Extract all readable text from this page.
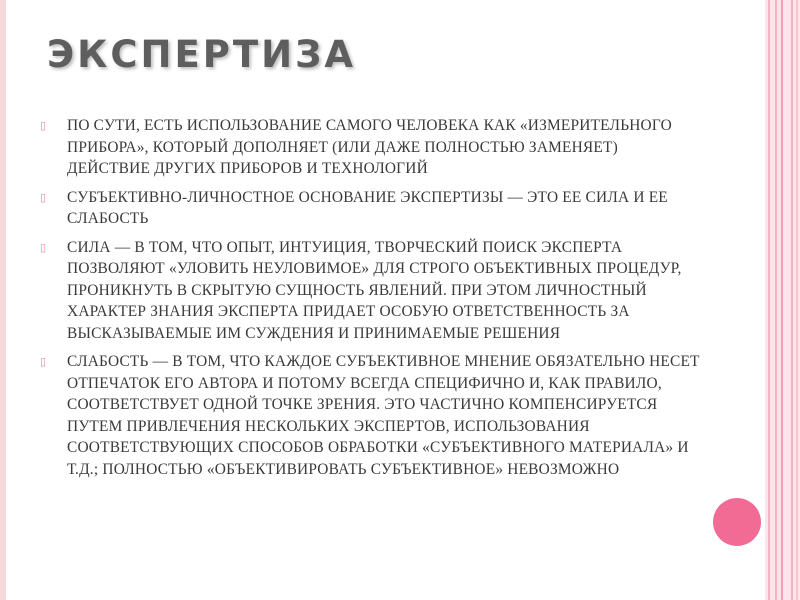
ЭКСПЕРТИЗА
▯ ПО СУТИ, ЕСТЬ ИСПОЛЬЗОВАНИЕ САМОГО ЧЕЛОВЕКА КАК «ИЗМЕРИТЕЛЬНОГО ПРИБОРА», КОТОРЫЙ ДОПОЛНЯЕТ (ИЛИ ДАЖЕ ПОЛНОСТЬЮ ЗАМЕНЯЕТ) ДЕЙСТВИЕ ДРУГИХ ПРИБОРОВ И ТЕХНОЛОГИЙ
▯ СУБЪЕКТИВНО-ЛИЧНОСТНОЕ ОСНОВАНИЕ ЭКСПЕРТИЗЫ — ЭТО ЕЕ СИЛА И ЕЕ СЛАБОСТЬ
▯ СИЛА — В ТОМ, ЧТО ОПЫТ, ИНТУИЦИЯ, ТВОРЧЕСКИЙ ПОИСК ЭКСПЕРТА ПОЗВОЛЯЮТ «УЛОВИТЬ НЕУЛОВИМОЕ» ДЛЯ СТРОГО ОБЪЕКТИВНЫХ ПРОЦЕДУР, ПРОНИКНУТЬ В СКРЫТУЮ СУЩНОСТЬ ЯВЛЕНИЙ. ПРИ ЭТОМ ЛИЧНОСТНЫЙ ХАРАКТЕР ЗНАНИЯ ЭКСПЕРТА ПРИДАЕТ ОСОБУЮ ОТВЕТСТВЕННОСТЬ ЗА ВЫСКАЗЫВАЕМЫЕ ИМ СУЖДЕНИЯ И ПРИНИМАЕМЫЕ РЕШЕНИЯ
▯ СЛАБОСТЬ — В ТОМ, ЧТО КАЖДОЕ СУБЪЕКТИВНОЕ МНЕНИЕ ОБЯЗАТЕЛЬНО НЕСЕТ ОТПЕЧАТОК ЕГО АВТОРА И ПОТОМУ ВСЕГДА СПЕЦИФИЧНО И, КАК ПРАВИЛО, СООТВЕТСТВУЕТ ОДНОЙ ТОЧКЕ ЗРЕНИЯ. ЭТО ЧАСТИЧНО КОМПЕНСИРУЕТСЯ ПУТЕМ ПРИВЛЕЧЕНИЯ НЕСКОЛЬКИХ ЭКСПЕРТОВ, ИСПОЛЬЗОВАНИЯ СООТВЕТСТВУЮЩИХ СПОСОБОВ ОБРАБОТКИ «СУБЪЕКТИВНОГО МАТЕРИАЛА» И Т.Д.; ПОЛНОСТЬЮ «ОБЪЕКТИВИРОВАТЬ СУБЪЕКТИВНОЕ» НЕВОЗМОЖНО
